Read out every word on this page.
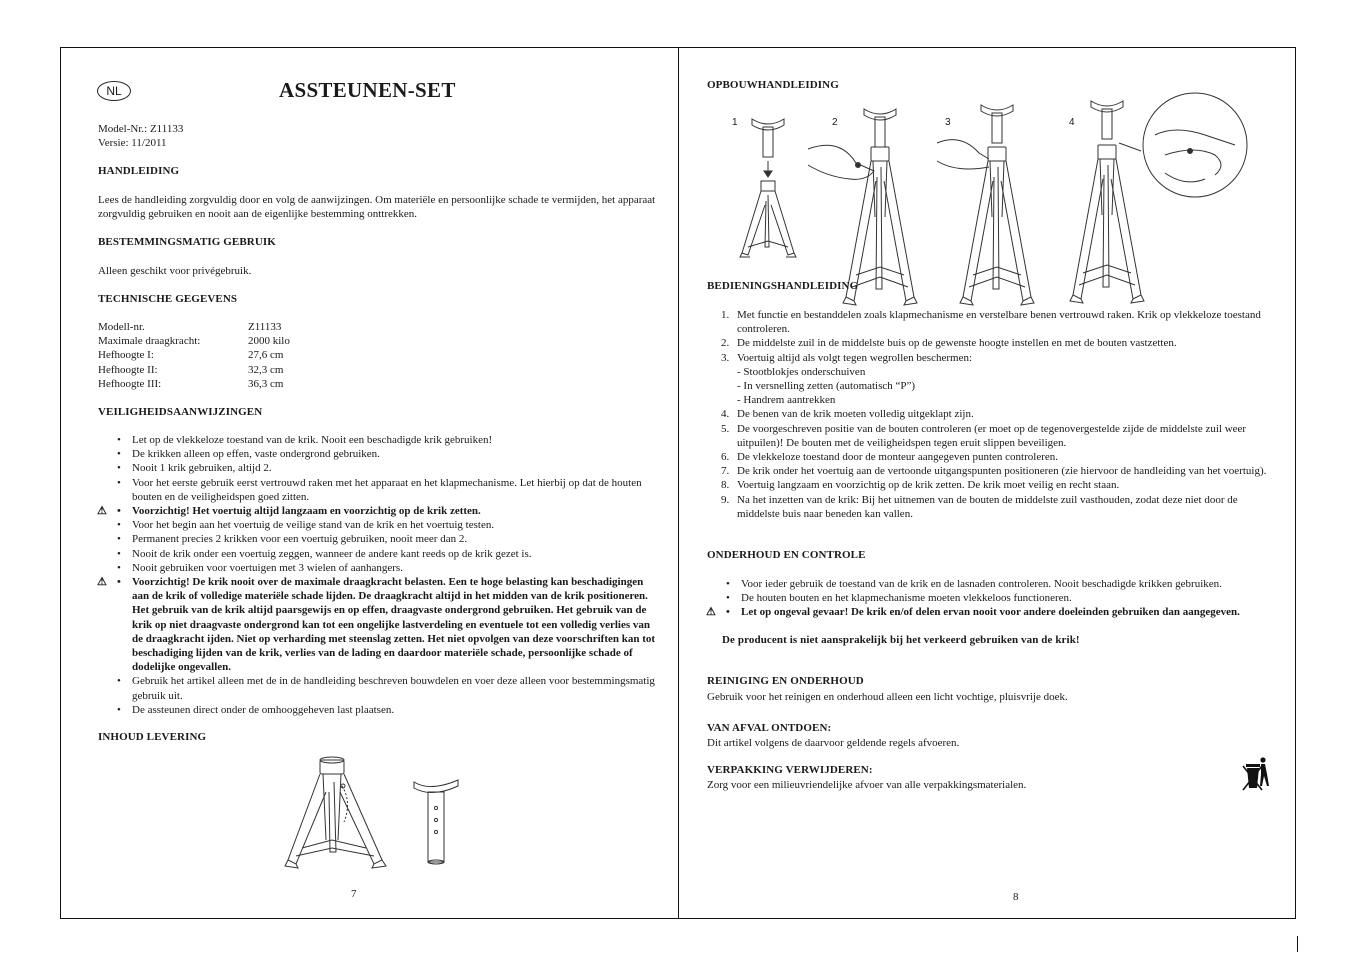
NL	ASSTEUNEN-SET
Model-Nr.: Z11133
Versie: 11/2011
HANDLEIDING
Lees de handleiding zorgvuldig door en volg de aanwijzingen. Om materiële en persoonlijke schade te vermijden, het apparaat zorgvuldig gebruiken en nooit aan de eigenlijke bestemming onttrekken.
BESTEMMINGSMATIG GEBRUIK
Alleen geschikt voor privégebruik.
TECHNISCHE GEGEVENS
Modell-nr.	Z11133
Maximale draagkracht:	2000 kilo
Hefhoogte I:	27,6 cm
Hefhoogte II:	32,3 cm
Hefhoogte III:	36,3 cm
VEILIGHEIDSAANWIJZINGEN
• Let op de vlekkeloze toestand van de krik. Nooit een beschadigde krik gebruiken!
• De krikken alleen op effen, vaste ondergrond gebruiken.
• Nooit 1 krik gebruiken, altijd 2.
• Voor het eerste gebruik eerst vertrouwd raken met het apparaat en het klapmechanisme. Let hierbij op dat de houten bouten en de veiligheidspen goed zitten.
⚠ • Voorzichtig! Het voertuig altijd langzaam en voorzichtig op de krik zetten.
• Voor het begin aan het voertuig de veilige stand van de krik en het voertuig testen.
• Permanent precies 2 krikken voor een voertuig gebruiken, nooit meer dan 2.
• Nooit de krik onder een voertuig zeggen, wanneer de andere kant reeds op de krik gezet is.
• Nooit gebruiken voor voertuigen met 3 wielen of aanhangers.
⚠ • Voorzichtig! De krik nooit over de maximale draagkracht belasten. Een te hoge belasting kan beschadigingen aan de krik of volledige materiële schade lijden. De draagkracht altijd in het midden van de krik positioneren. Het gebruik van de krik altijd paarsgewijs en op effen, draagvaste ondergrond gebruiken. Het gebruik van de krik op niet draagvaste ondergrond kan tot een ongelijke lastverdeling en eventuele tot een volledig verlies van de draagkracht ijden. Niet op verharding met steenslag zetten. Het niet opvolgen van deze voorschriften kan tot beschadiging lijden van de krik, verlies van de lading en daardoor materiële schade, persoonlijke schade of dodelijke ongevallen.
• Gebruik het artikel alleen met de in de handleiding beschreven bouwdelen en voer deze alleen voor bestemmingsmatig gebruik uit.
• De assteunen direct onder de omhooggeheven last plaatsen.
INHOUD LEVERING
7
OPBOUWHANDLEIDING
1	2	3	4
BEDIENINGSHANDLEIDING
1. Met functie en bestanddelen zoals klapmechanisme en verstelbare benen vertrouwd raken. Krik op vlekkeloze toestand controleren.
2. De middelste zuil in de middelste buis op de gewenste hoogte instellen en met de bouten vastzetten.
3. Voertuig altijd als volgt tegen wegrollen beschermen:
- Stootblokjes onderschuiven
- In versnelling zetten (automatisch “P”)
- Handrem aantrekken
4. De benen van de krik moeten volledig uitgeklapt zijn.
5. De voorgeschreven positie van de bouten controleren (er moet op de tegenovergestelde zijde de middelste zuil weer uitpuilen)! De bouten met de veiligheidspen tegen eruit slippen beveiligen.
6. De vlekkeloze toestand door de monteur aangegeven punten controleren.
7. De krik onder het voertuig aan de vertoonde uitgangspunten positioneren (zie hiervoor de handleiding van het voertuig).
8. Voertuig langzaam en voorzichtig op de krik zetten. De krik moet veilig en recht staan.
9. Na het inzetten van de krik: Bij het uitnemen van de bouten de middelste zuil vasthouden, zodat deze niet door de middelste buis naar beneden kan vallen.
ONDERHOUD EN CONTROLE
• Voor ieder gebruik de toestand van de krik en de lasnaden controleren. Nooit beschadigde krikken gebruiken.
• De houten bouten en het klapmechanisme moeten vlekkeloos functioneren.
⚠ • Let op ongeval gevaar! De krik en/of delen ervan nooit voor andere doeleinden gebruiken dan aangegeven.
De producent is niet aansprakelijk bij het verkeerd gebruiken van de krik!
REINIGING EN ONDERHOUD
Gebruik voor het reinigen en onderhoud alleen een licht vochtige, pluisvrije doek.
VAN AFVAL ONTDOEN:
Dit artikel volgens de daarvoor geldende regels afvoeren.
VERPAKKING VERWIJDEREN:
Zorg voor een milieuvriendelijke afvoer van alle verpakkingsmaterialen.
8
